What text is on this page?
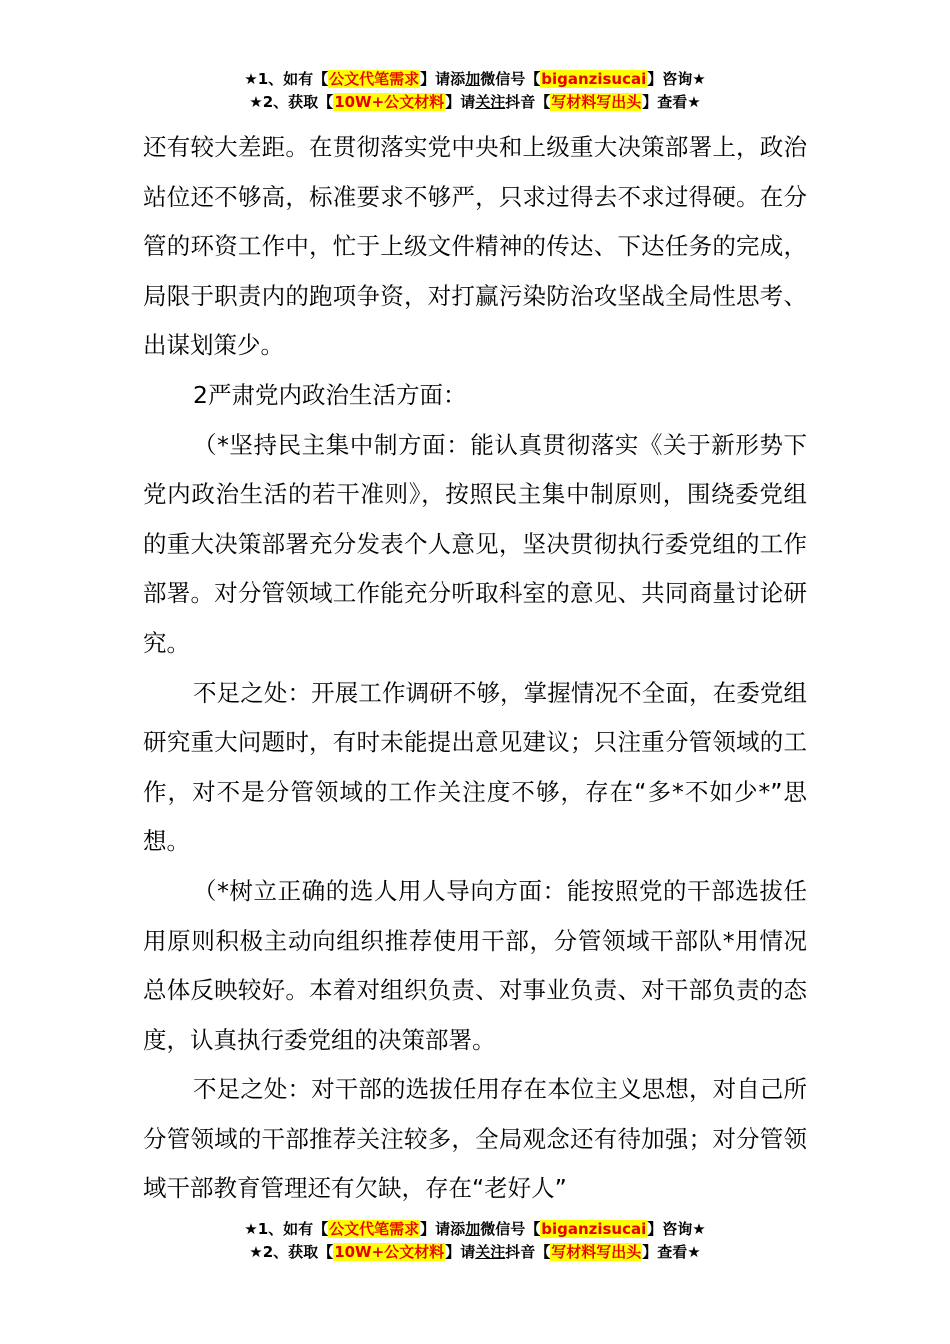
★1、如有【公文代笔需求】请添加微信号【biganzisucai】咨询★
★2、获取【10W+公文材料】请关注抖音【写材料写出头】查看★

还有较大差距。在贯彻落实党中央和上级重大决策部署上，政治站位还不够高，标准要求不够严，只求过得去不求过得硬。在分管的环资工作中，忙于上级文件精神的传达、下达任务的完成，局限于职责内的跑项争资，对打赢污染防治攻坚战全局性思考、出谋划策少。

2严肃党内政治生活方面：

（*坚持民主集中制方面：能认真贯彻落实《关于新形势下党内政治生活的若干准则》，按照民主集中制原则，围绕委党组的重大决策部署充分发表个人意见，坚决贯彻执行委党组的工作部署。对分管领域工作能充分听取科室的意见、共同商量讨论研究。

不足之处：开展工作调研不够，掌握情况不全面，在委党组研究重大问题时，有时未能提出意见建议；只注重分管领域的工作，对不是分管领域的工作关注度不够，存在“多*不如少*”思想。

（*树立正确的选人用人导向方面：能按照党的干部选拔任用原则积极主动向组织推荐使用干部，分管领域干部队*用情况总体反映较好。本着对组织负责、对事业负责、对干部负责的态度，认真执行委党组的决策部署。

不足之处：对干部的选拔任用存在本位主义思想，对自己所分管领域的干部推荐关注较多，全局观念还有待加强；对分管领域干部教育管理还有欠缺，存在“老好人”

★1、如有【公文代笔需求】请添加微信号【biganzisucai】咨询★
★2、获取【10W+公文材料】请关注抖音【写材料写出头】查看★
